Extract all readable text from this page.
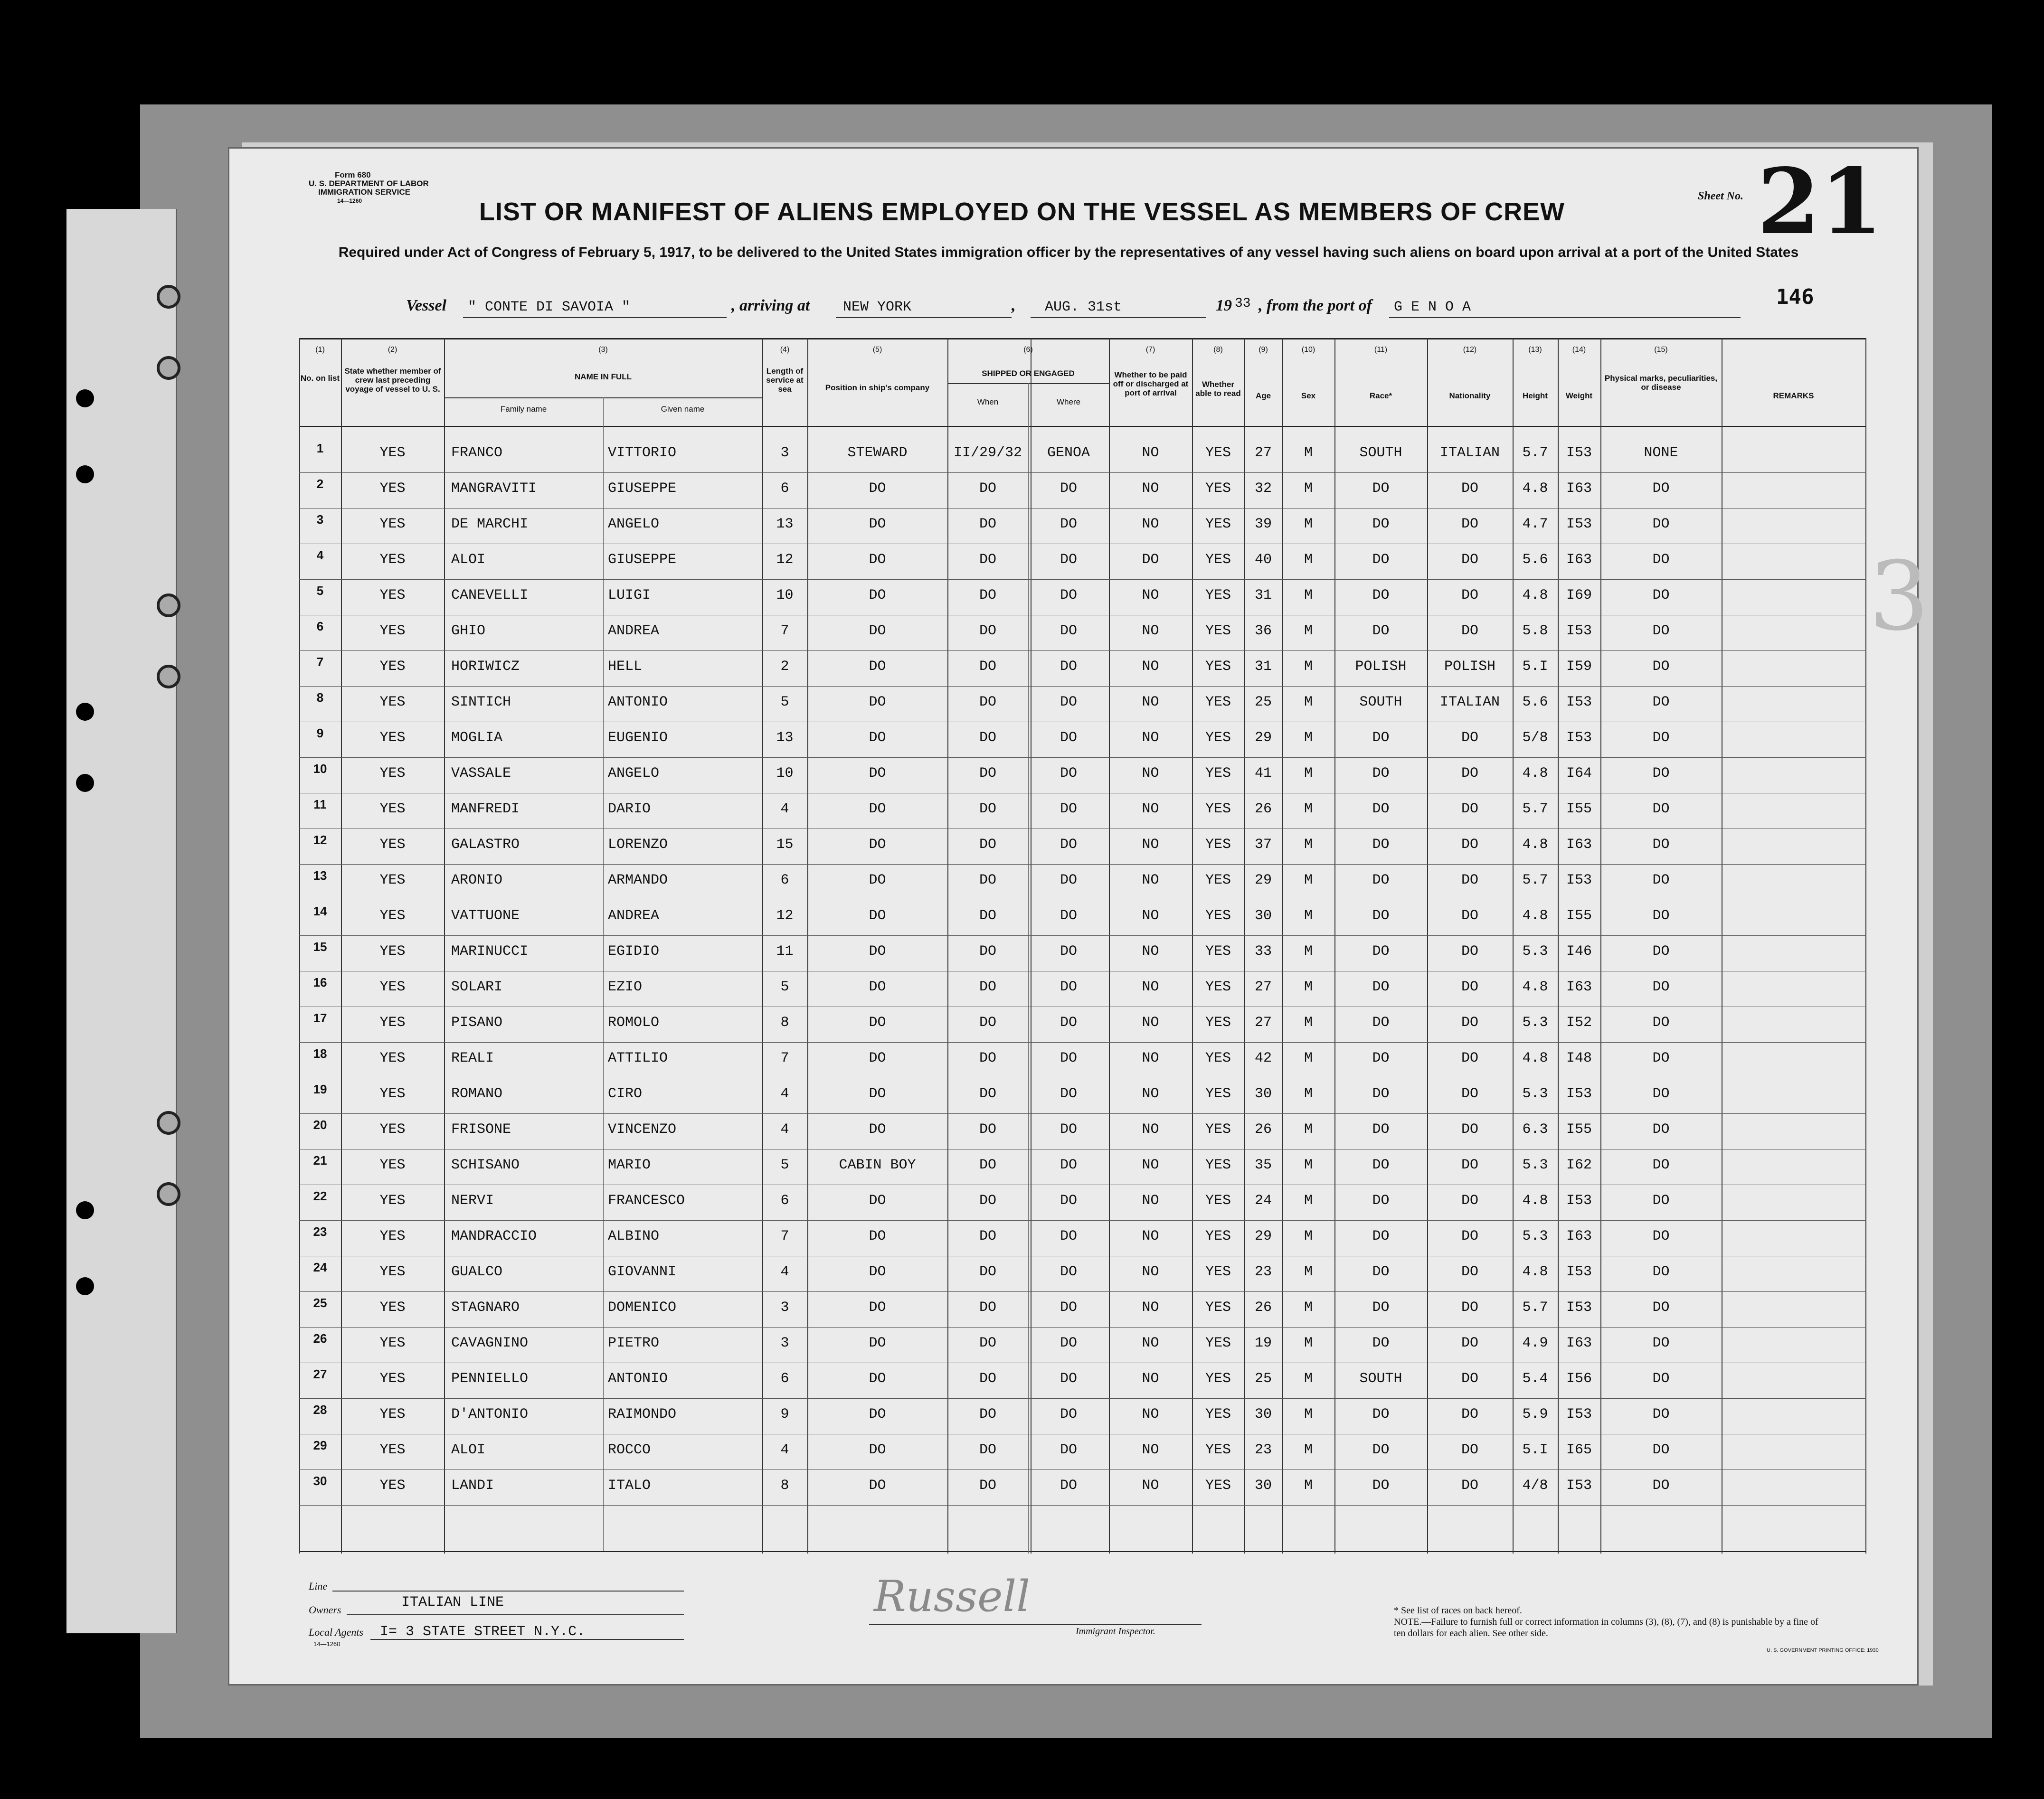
Form 680
U. S. DEPARTMENT OF LABOR
IMMIGRATION SERVICE
14—1260	LIST OR MANIFEST OF ALIENS EMPLOYED ON THE VESSEL AS MEMBERS OF CREW
Required under Act of Congress of February 5, 1917, to be delivered to the United States immigration officer by the representatives of any vessel having such aliens on board upon arrival at a port of the United States
Sheet No. 21
146
Vessel " CONTE DI SAVOIA "	, arriving at NEW YORK	, AUG. 31st	19 33 , from the port of G E N O A
(1)	(2)	(3)	(4)	(5)	(6)	(7)	(8)	(9)	(10)	(11)	(12)	(13)	(14)	(15)
No. on list
State whether member of crew last preceding voyage of vessel to U. S.
NAME IN FULL
Family name	Given name
Length of service at sea	Position in ship's company
SHIPPED OR ENGAGED
When	Where
Whether to be paid off or discharged at port of arrival
Whether able to read	Age	Sex	Race*	Nationality	Height	Weight
Physical marks, peculiarities, or disease
REMARKS
1	YES	FRANCO	VITTORIO	3	STEWARD	II/29/32	GENOA	NO	YES	27	M	SOUTH	ITALIAN	5.7	I53	NONE
2	YES	MANGRAVITI	GIUSEPPE	6	DO	DO	DO	NO	YES	32	M	DO	DO	4.8	I63	DO
3	YES	DE MARCHI	ANGELO	13	DO	DO	DO	NO	YES	39	M	DO	DO	4.7	I53	DO
4	YES	ALOI	GIUSEPPE	12	DO	DO	DO	DO	YES	40	M	DO	DO	5.6	I63	DO
5	YES	CANEVELLI	LUIGI	10	DO	DO	DO	NO	YES	31	M	DO	DO	4.8	I69	DO
6	YES	GHIO	ANDREA	7	DO	DO	DO	NO	YES	36	M	DO	DO	5.8	I53	DO
7	YES	HORIWICZ	HELL	2	DO	DO	DO	NO	YES	31	M	POLISH	POLISH	5.I	I59	DO
8	YES	SINTICH	ANTONIO	5	DO	DO	DO	NO	YES	25	M	SOUTH	ITALIAN	5.6	I53	DO
9	YES	MOGLIA	EUGENIO	13	DO	DO	DO	NO	YES	29	M	DO	DO	5/8	I53	DO
10	YES	VASSALE	ANGELO	10	DO	DO	DO	NO	YES	41	M	DO	DO	4.8	I64	DO
11	YES	MANFREDI	DARIO	4	DO	DO	DO	NO	YES	26	M	DO	DO	5.7	I55	DO
12	YES	GALASTRO	LORENZO	15	DO	DO	DO	NO	YES	37	M	DO	DO	4.8	I63	DO
13	YES	ARONIO	ARMANDO	6	DO	DO	DO	NO	YES	29	M	DO	DO	5.7	I53	DO
14	YES	VATTUONE	ANDREA	12	DO	DO	DO	NO	YES	30	M	DO	DO	4.8	I55	DO
15	YES	MARINUCCI	EGIDIO	11	DO	DO	DO	NO	YES	33	M	DO	DO	5.3	I46	DO
16	YES	SOLARI	EZIO	5	DO	DO	DO	NO	YES	27	M	DO	DO	4.8	I63	DO
17	YES	PISANO	ROMOLO	8	DO	DO	DO	NO	YES	27	M	DO	DO	5.3	I52	DO
18	YES	REALI	ATTILIO	7	DO	DO	DO	NO	YES	42	M	DO	DO	4.8	I48	DO
19	YES	ROMANO	CIRO	4	DO	DO	DO	NO	YES	30	M	DO	DO	5.3	I53	DO
20	YES	FRISONE	VINCENZO	4	DO	DO	DO	NO	YES	26	M	DO	DO	6.3	I55	DO
21	YES	SCHISANO	MARIO	5	CABIN BOY	DO	DO	NO	YES	35	M	DO	DO	5.3	I62	DO
22	YES	NERVI	FRANCESCO	6	DO	DO	DO	NO	YES	24	M	DO	DO	4.8	I53	DO
23	YES	MANDRACCIO	ALBINO	7	DO	DO	DO	NO	YES	29	M	DO	DO	5.3	I63	DO
24	YES	GUALCO	GIOVANNI	4	DO	DO	DO	NO	YES	23	M	DO	DO	4.8	I53	DO
25	YES	STAGNARO	DOMENICO	3	DO	DO	DO	NO	YES	26	M	DO	DO	5.7	I53	DO
26	YES	CAVAGNINO	PIETRO	3	DO	DO	DO	NO	YES	19	M	DO	DO	4.9	I63	DO
27	YES	PENNIELLO	ANTONIO	6	DO	DO	DO	NO	YES	25	M	SOUTH	DO	5.4	I56	DO
28	YES	D'ANTONIO	RAIMONDO	9	DO	DO	DO	NO	YES	30	M	DO	DO	5.9	I53	DO
29	YES	ALOI	ROCCO	4	DO	DO	DO	NO	YES	23	M	DO	DO	5.I	I65	DO
30	YES	LANDI	ITALO	8	DO	DO	DO	NO	YES	30	M	DO	DO	4/8	I53	DO
Line
Owners	ITALIAN LINE
Local Agents I= 3 STATE STREET N.Y.C.
14—1260
Russell
Immigrant Inspector.
* See list of races on back hereof.
NOTE.—Failure to furnish full or correct information in columns (3), (8), (7), and (8) is punishable by a fine of ten dollars for each alien. See other side.
U. S. GOVERNMENT PRINTING OFFICE: 1930
3
